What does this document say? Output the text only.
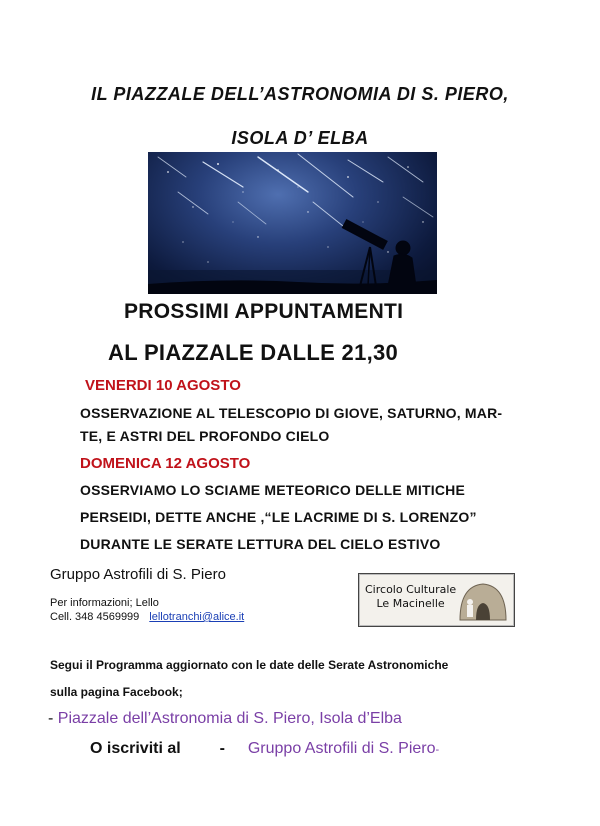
IL PIAZZALE DELL’ASTRONOMIA DI S. PIERO,
ISOLA D’ ELBA
PROSSIMI APPUNTAMENTI
AL PIAZZALE DALLE 21,30
VENERDI 10 AGOSTO
OSSERVAZIONE AL TELESCOPIO DI GIOVE, SATURNO, MAR-
TE, E ASTRI DEL PROFONDO CIELO
DOMENICA 12 AGOSTO
OSSERVIAMO LO SCIAME METEORICO DELLE MITICHE
PERSEIDI, DETTE ANCHE ,“LE LACRIME DI S. LORENZO”
DURANTE LE SERATE LETTURA DEL CIELO ESTIVO
Gruppo Astrofili di S. Piero
Per informazioni; Lello
Cell. 348 4569999 lellotranchi@alice.it
Circolo Culturale
Le Macinelle
Segui il Programma aggiornato con le date delle Serate Astronomiche
sulla pagina Facebook;
- Piazzale dell’Astronomia di S. Piero, Isola d’Elba
O iscriviti al - Gruppo Astrofili di S. Piero-
